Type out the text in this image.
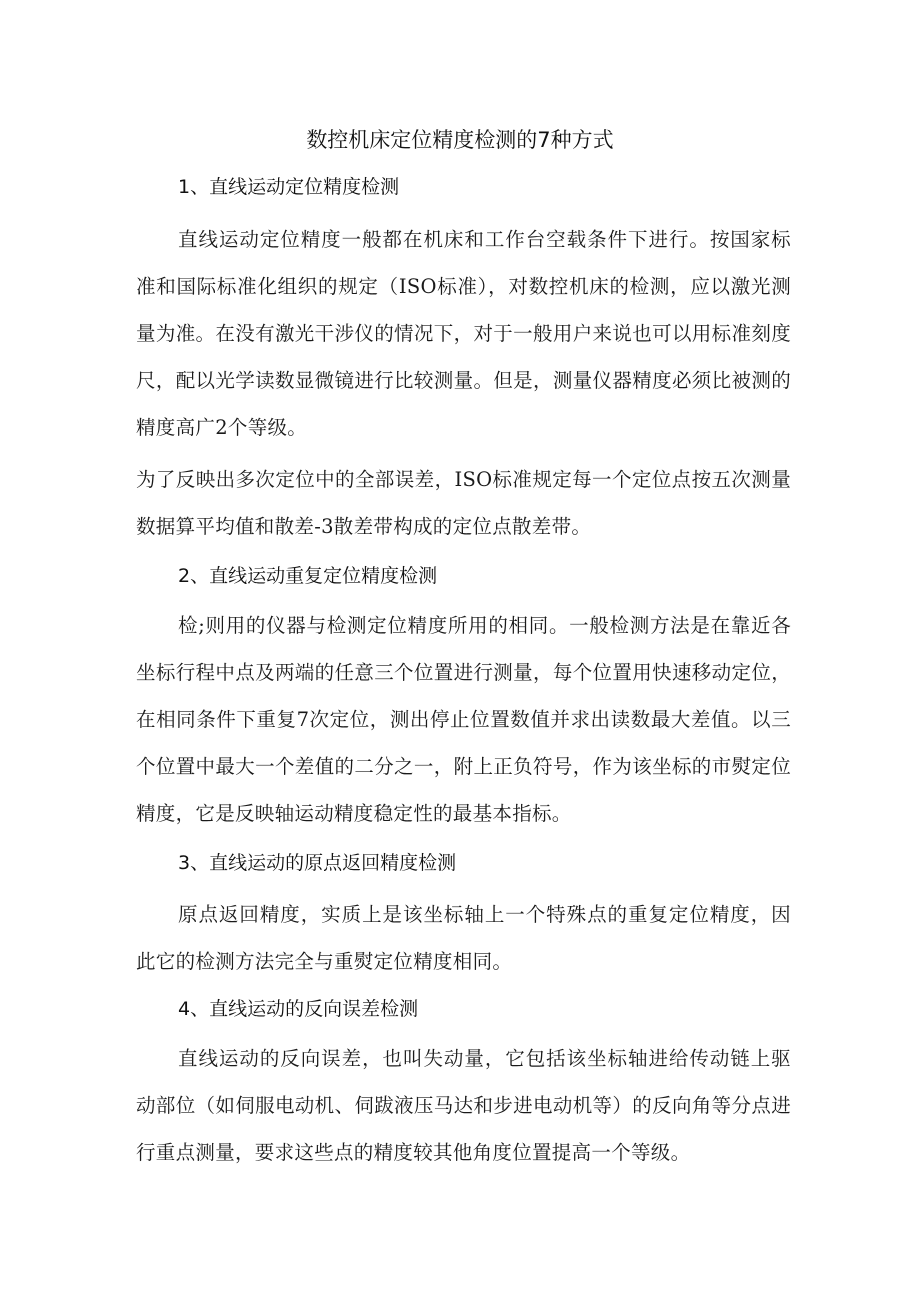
数控机床定位精度检测的7种方式
1、直线运动定位精度检测

直线运动定位精度一般都在机床和工作台空载条件下进行。按国家标准和国际标准化组织的规定（ISO标准），对数控机床的检测，应以激光测量为准。在没有激光干涉仪的情况下，对于一般用户来说也可以用标准刻度尺，配以光学读数显微镜进行比较测量。但是，测量仪器精度必须比被测的精度高广2个等级。

为了反映出多次定位中的全部误差，ISO标准规定每一个定位点按五次测量数据算平均值和散差-3散差带构成的定位点散差带。

2、直线运动重复定位精度检测

检;则用的仪器与检测定位精度所用的相同。一般检测方法是在靠近各坐标行程中点及两端的任意三个位置进行测量，每个位置用快速移动定位，在相同条件下重复7次定位，测出停止位置数值并求出读数最大差值。以三个位置中最大一个差值的二分之一，附上正负符号，作为该坐标的市熨定位精度，它是反映轴运动精度稳定性的最基本指标。

3、直线运动的原点返回精度检测

原点返回精度，实质上是该坐标轴上一个特殊点的重复定位精度，因此它的检测方法完全与重熨定位精度相同。

4、直线运动的反向误差检测

直线运动的反向误差，也叫失动量，它包括该坐标轴进给传动链上驱动部位（如伺服电动机、伺跋液压马达和步进电动机等）的反向角等分点进行重点测量，要求这些点的精度较其他角度位置提高一个等级。
